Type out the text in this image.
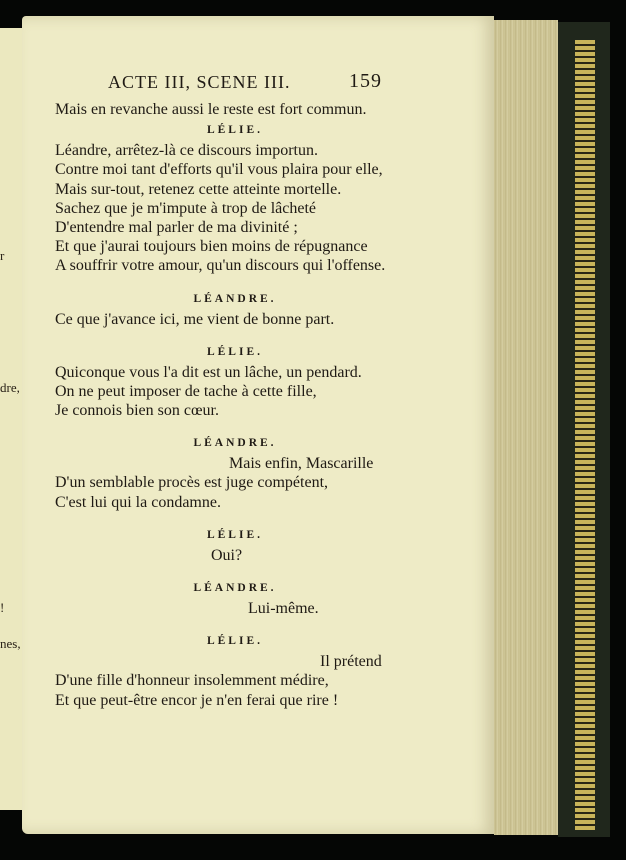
r
dre,
!
nes,
ACTE III, SCENE III.	159
Mais en revanche aussi le reste est fort commun.
LÉLIE.
Léandre, arrêtez-là ce discours importun.
Contre moi tant d'efforts qu'il vous plaira pour elle,
Mais sur-tout, retenez cette atteinte mortelle.
Sachez que je m'impute à trop de lâcheté
D'entendre mal parler de ma divinité ;
Et que j'aurai toujours bien moins de répugnance
A souffrir votre amour, qu'un discours qui l'offense.
LÉANDRE.
Ce que j'avance ici, me vient de bonne part.
LÉLIE.
Quiconque vous l'a dit est un lâche, un pendard.
On ne peut imposer de tache à cette fille,
Je connois bien son cœur.
LÉANDRE.
Mais enfin, Mascarille
D'un semblable procès est juge compétent,
C'est lui qui la condamne.
LÉLIE.
Oui?
LÉANDRE.
Lui-même.
LÉLIE.
Il prétend
D'une fille d'honneur insolemment médire,
Et que peut-être encor je n'en ferai que rire !
